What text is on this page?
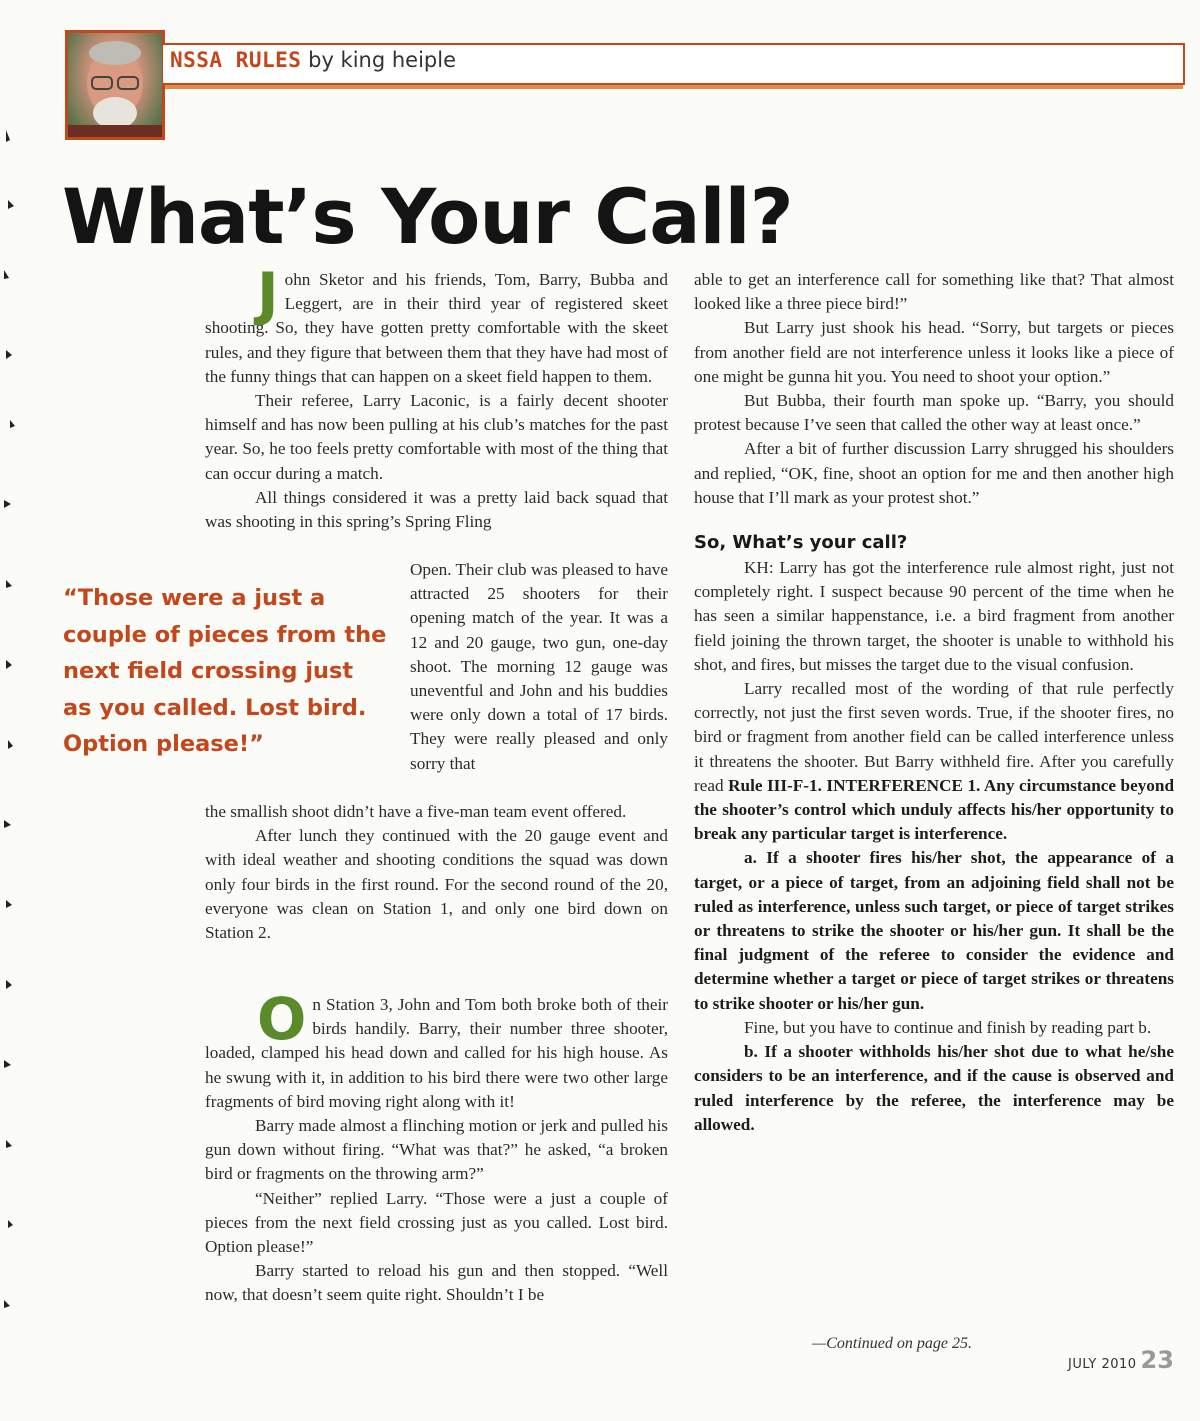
NSSA RULES by king heiple
What’s Your Call?

John Sketor and his friends, Tom, Barry, Bubba and Leggert, are in their third year of registered skeet shooting. So, they have gotten pretty comfortable with the skeet rules, and they figure that between them that they have had most of the funny things that can happen on a skeet field happen to them.

Their referee, Larry Laconic, is a fairly decent shooter himself and has now been pulling at his club’s matches for the past year. So, he too feels pretty comfortable with most of the thing that can occur during a match.

All things considered it was a pretty laid back squad that was shooting in this spring’s Spring Fling

“Those were a just a couple of pieces from the next field crossing just as you called. Lost bird. Option please!”

Open. Their club was pleased to have attracted 25 shooters for their opening match of the year. It was a 12 and 20 gauge, two gun, one-day shoot. The morning 12 gauge was uneventful and John and his buddies were only down a total of 17 birds. They were really pleased and only sorry that

the smallish shoot didn’t have a five-man team event offered.

After lunch they continued with the 20 gauge event and with ideal weather and shooting conditions the squad was down only four birds in the first round. For the second round of the 20, everyone was clean on Station 1, and only one bird down on Station 2.

On Station 3, John and Tom both broke both of their birds handily. Barry, their number three shooter, loaded, clamped his head down and called for his high house. As he swung with it, in addition to his bird there were two other large fragments of bird moving right along with it!

Barry made almost a flinching motion or jerk and pulled his gun down without firing. “What was that?” he asked, “a broken bird or fragments on the throwing arm?”

“Neither” replied Larry. “Those were a just a couple of pieces from the next field crossing just as you called. Lost bird. Option please!”

Barry started to reload his gun and then stopped. “Well now, that doesn’t seem quite right. Shouldn’t I be

able to get an interference call for something like that? That almost looked like a three piece bird!”

But Larry just shook his head. “Sorry, but targets or pieces from another field are not interference unless it looks like a piece of one might be gunna hit you. You need to shoot your option.”

But Bubba, their fourth man spoke up. “Barry, you should protest because I’ve seen that called the other way at least once.”

After a bit of further discussion Larry shrugged his shoulders and replied, “OK, fine, shoot an option for me and then another high house that I’ll mark as your protest shot.”

So, What’s your call?

KH: Larry has got the interference rule almost right, just not completely right. I suspect because 90 percent of the time when he has seen a similar happenstance, i.e. a bird fragment from another field joining the thrown target, the shooter is unable to withhold his shot, and fires, but misses the target due to the visual confusion.

Larry recalled most of the wording of that rule perfectly correctly, not just the first seven words. True, if the shooter fires, no bird or fragment from another field can be called interference unless it threatens the shooter. But Barry withheld fire. After you carefully read Rule III-F-1. INTERFERENCE 1. Any circumstance beyond the shooter’s control which unduly affects his/her opportunity to break any particular target is interference.

a. If a shooter fires his/her shot, the appearance of a target, or a piece of target, from an adjoining field shall not be ruled as interference, unless such target, or piece of target strikes or threatens to strike the shooter or his/her gun. It shall be the final judgment of the referee to consider the evidence and determine whether a target or piece of target strikes or threatens to strike shooter or his/her gun.

Fine, but you have to continue and finish by reading part b.

b. If a shooter withholds his/her shot due to what he/she considers to be an interference, and if the cause is observed and ruled interference by the referee, the interference may be allowed.

—Continued on page 25.
JULY 2010 23
